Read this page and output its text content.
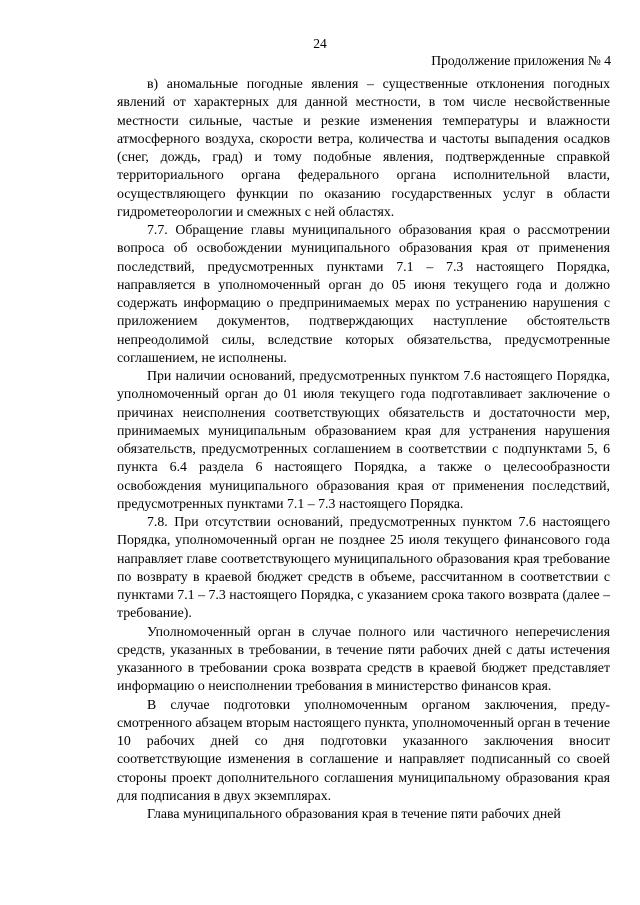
24
Продолжение приложения № 4

в) аномальные погодные явления – существенные отклонения погодных явлений от характерных для данной местности, в том числе несвойственные местности сильные, частые и резкие изменения температуры и влажности атмосферного воздуха, скорости ветра, количества и частоты выпадения осадков (снег, дождь, град) и тому подобные явления, подтвержденные справкой территориального органа федерального органа исполнительной власти, осуществляющего функции по оказанию государственных услуг в области гидрометеорологии и смежных с ней областях.

7.7. Обращение главы муниципального образования края о рассмотрении вопроса об освобождении муниципального образования края от применения последствий, предусмотренных пунктами 7.1 – 7.3 настоящего Порядка, направляется в уполномоченный орган до 05 июня текущего года и должно содержать информацию о предпринимаемых мерах по устранению нарушения с приложением документов, подтверждающих наступление обстоятельств непреодолимой силы, вследствие которых обязательства, предусмотренные соглашением, не исполнены.

При наличии оснований, предусмотренных пунктом 7.6 настоящего Порядка, уполномоченный орган до 01 июля текущего года подготавливает заключение о причинах неисполнения соответствующих обязательств и достаточности мер, принимаемых муниципальным образованием края для устранения нарушения обязательств, предусмотренных соглашением в соответствии с подпунктами 5, 6 пункта 6.4 раздела 6 настоящего Порядка, а также о целесообразности освобождения муниципального образования края от применения последствий, предусмотренных пунктами 7.1 – 7.3 настоящего Порядка.

7.8. При отсутствии оснований, предусмотренных пунктом 7.6 настоящего Порядка, уполномоченный орган не позднее 25 июля текущего финансового года направляет главе соответствующего муниципального образования края требование по возврату в краевой бюджет средств в объеме, рассчитанном в соответствии с пунктами 7.1 – 7.3 настоящего Порядка, с указанием срока такого возврата (далее – требование).

Уполномоченный орган в случае полного или частичного неперечисления средств, указанных в требовании, в течение пяти рабочих дней с даты истечения указанного в требовании срока возврата средств в краевой бюджет представляет информацию о неисполнении требования в министерство финансов края.

В случае подготовки уполномоченным органом заключения, предусмотренного абзацем вторым настоящего пункта, уполномоченный орган в течение 10 рабочих дней со дня подготовки указанного заключения вносит соответствующие изменения в соглашение и направляет подписанный со своей стороны проект дополнительного соглашения муниципальному образования края для подписания в двух экземплярах.

Глава муниципального образования края в течение пяти рабочих дней
